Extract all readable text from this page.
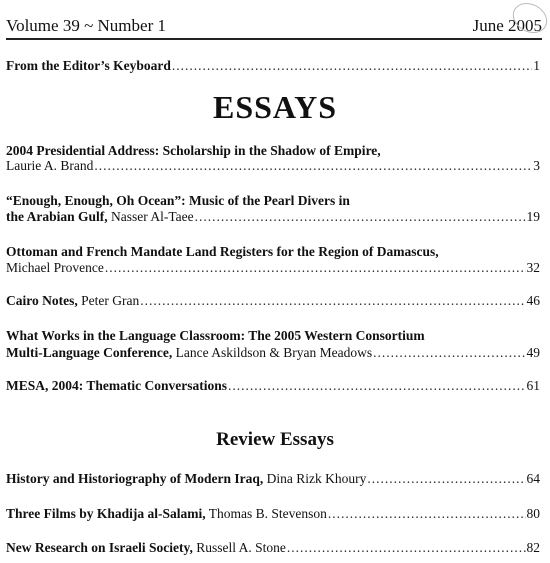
Volume 39 ~ Number 1	June 2005
From the Editor’s Keyboard .....	1
ESSAYS
2004 Presidential Address: Scholarship in the Shadow of Empire,
Laurie A. Brand .....	3
“Enough, Enough, Oh Ocean”: Music of the Pearl Divers in
the Arabian Gulf, Nasser Al-Taee .....	19
Ottoman and French Mandate Land Registers for the Region of Damascus,
Michael Provence .....	32
Cairo Notes, Peter Gran .....	46
What Works in the Language Classroom: The 2005 Western Consortium
Multi-Language Conference, Lance Askildson & Bryan Meadows .....	49
MESA, 2004: Thematic Conversations .....	61
Review Essays
History and Historiography of Modern Iraq, Dina Rizk Khoury .....	64
Three Films by Khadija al-Salami, Thomas B. Stevenson .....	80
New Research on Israeli Society, Russell A. Stone .....	82
